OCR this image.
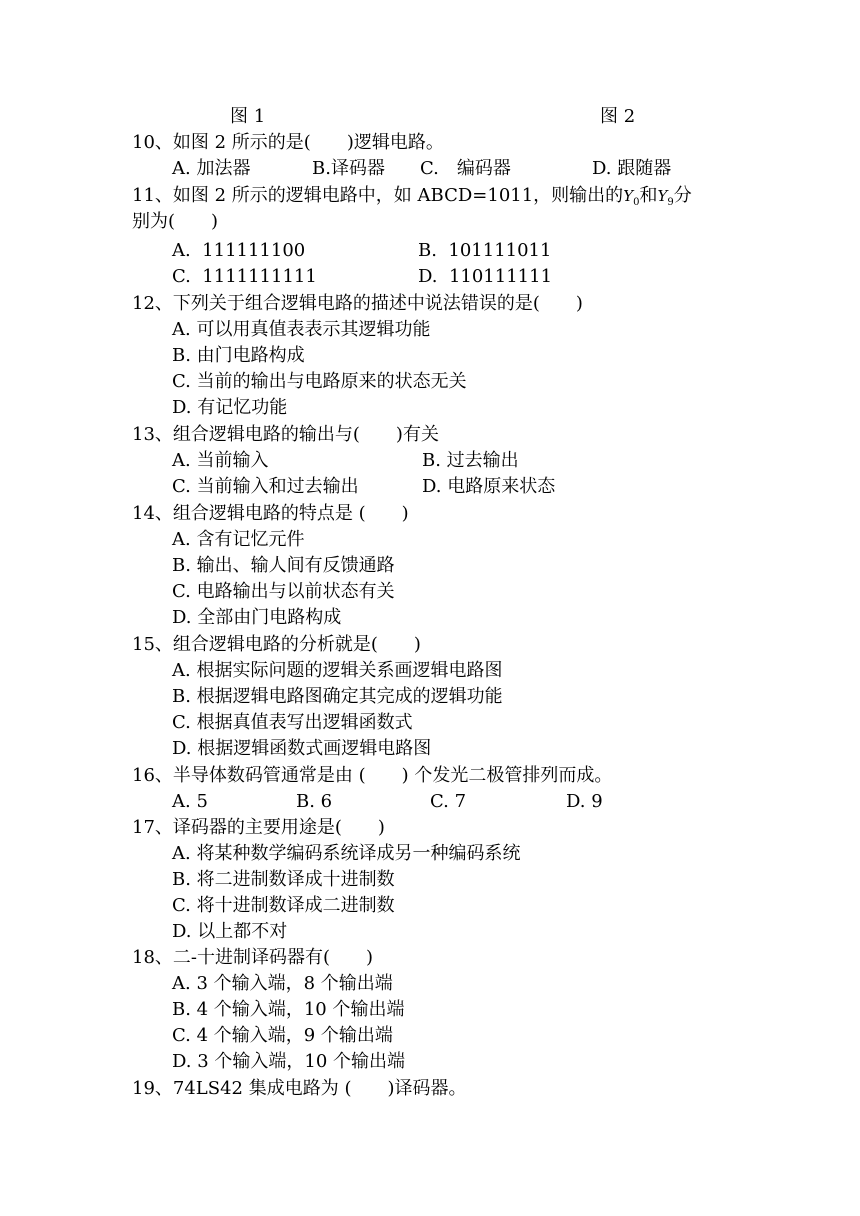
图 1	图 2
10、如图 2 所示的是(　　)逻辑电路。
A. 加法器	B.译码器 C.　编码器	D. 跟随器
11、如图 2 所示的逻辑电路中，如 ABCD=1011，则输出的$Y_0$和$Y_9$分
别为(　　)
A.  111111100	B.  101111011
C.  1111111111	D.  110111111
12、下列关于组合逻辑电路的描述中说法错误的是(　　)
A. 可以用真值表表示其逻辑功能
B. 由门电路构成
C. 当前的输出与电路原来的状态无关
D. 有记忆功能
13、组合逻辑电路的输出与(　　)有关
A. 当前输入	B. 过去输出
C. 当前输入和过去输出	D. 电路原来状态
14、组合逻辑电路的特点是 (　　)
A. 含有记忆元件
B. 输出、输人间有反馈通路
C. 电路输出与以前状态有关
D. 全部由门电路构成
15、组合逻辑电路的分析就是(　　)
A. 根据实际问题的逻辑关系画逻辑电路图
B. 根据逻辑电路图确定其完成的逻辑功能
C. 根据真值表写出逻辑函数式
D. 根据逻辑函数式画逻辑电路图
16、半导体数码管通常是由 (　　) 个发光二极管排列而成。
A. 5	B. 6	C. 7	D. 9
17、译码器的主要用途是(　　)
A. 将某种数学编码系统译成另一种编码系统
B. 将二进制数译成十进制数
C. 将十进制数译成二进制数
D. 以上都不对
18、二-十进制译码器有(　　)
A. 3 个输入端，8 个输出端
B. 4 个输入端，10 个输出端
C. 4 个输入端，9 个输出端
D. 3 个输入端，10 个输出端
19、74LS42 集成电路为 (　　)译码器。
